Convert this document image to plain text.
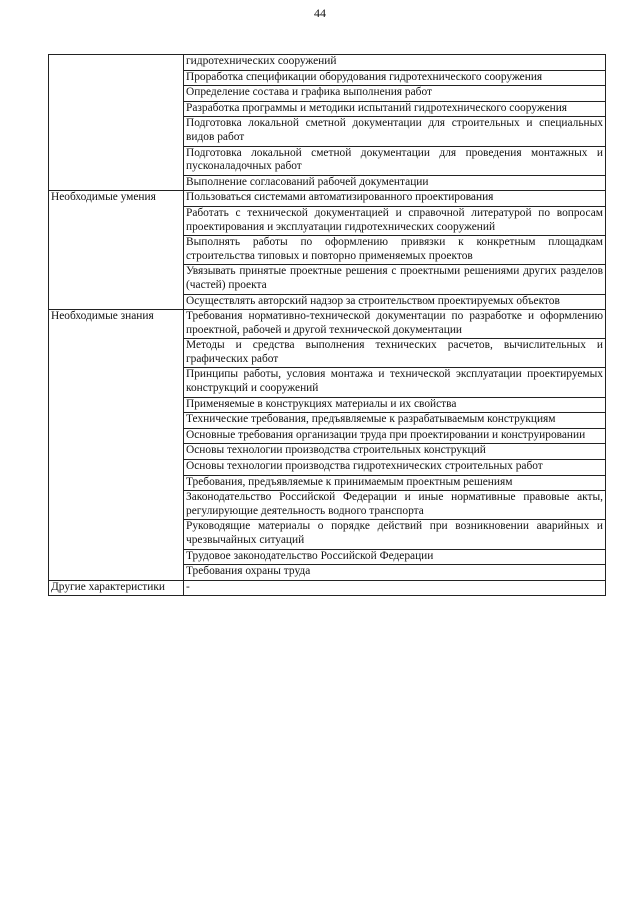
44
	гидротехнических сооружений
	Проработка спецификации оборудования гидротехнического сооружения
	Определение состава и графика выполнения работ
	Разработка программы и методики испытаний гидротехнического сооружения
	Подготовка локальной сметной документации для строительных и специальных видов работ
	Подготовка локальной сметной документации для проведения монтажных и пусконаладочных работ
	Выполнение согласований рабочей документации
Необходимые умения	Пользоваться системами автоматизированного проектирования
	Работать с технической документацией и справочной литературой по вопросам проектирования и эксплуатации гидротехнических сооружений
	Выполнять работы по оформлению привязки к конкретным площадкам строительства типовых и повторно применяемых проектов
	Увязывать принятые проектные решения с проектными решениями других разделов (частей) проекта
	Осуществлять авторский надзор за строительством проектируемых объектов
Необходимые знания	Требования нормативно-технической документации по разработке и оформлению проектной, рабочей и другой технической документации
	Методы и средства выполнения технических расчетов, вычислительных и графических работ
	Принципы работы, условия монтажа и технической эксплуатации проектируемых конструкций и сооружений
	Применяемые в конструкциях материалы и их свойства
	Технические требования, предъявляемые к разрабатываемым конструкциям
	Основные требования организации труда при проектировании и конструировании
	Основы технологии производства строительных конструкций
	Основы технологии производства гидротехнических строительных работ
	Требования, предъявляемые к принимаемым проектным решениям
	Законодательство Российской Федерации и иные нормативные правовые акты, регулирующие деятельность водного транспорта
	Руководящие материалы о порядке действий при возникновении аварийных и чрезвычайных ситуаций
	Трудовое законодательство Российской Федерации
	Требования охраны труда
Другие характеристики	-
